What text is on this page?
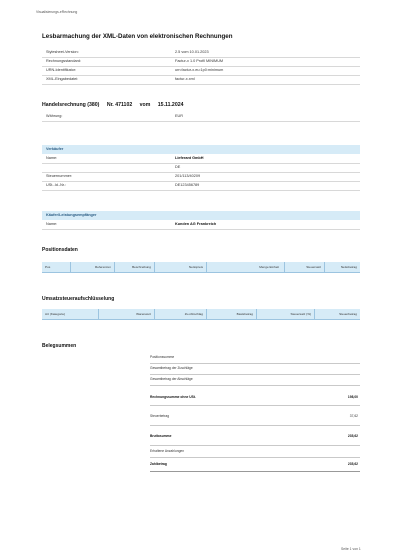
Visualisierungs-eRechnung
Lesbarmachung der XML-Daten von elektronischen Rechnungen
Stylesheet-Version:	2.5 vom 10.01.2023
Rechnungsstandard:	Factur-x 1.0 Profil MINIMUM
URN-Identifikator:	urn:factur-x.eu:1p0:minimum
XML-Eingabedatei:	factur-x.xml
Handelsrechnung (380) Nr. 471102 vom 15.11.2024
Währung:	EUR
Verkäufer
Name:	Lieferant GmbH
DE
Steuernummer:	201/113/40209
USt.-Id.-Nr.:	DE123456789
Käufer/Leistungsempfänger
Name:	Kunden AG Frankreich
Positionsdaten
Pos	Referenzen	Beschreibung	Nettopreis	Menge Einheit	Steuersatz	Nettobetrag
Umsatzsteueraufschlüsselung
Art (Kategorie)	Warenwert	Zu-/Abschlag	Basisbetrag	Steuersatz (%)	Steuerbetrag
Belegsummen
Positionssumme
Gesamtbetrag der Zuschläge
Gesamtbetrag der Abschläge
Rechnungssumme ohne USt.	198,00
Steuerbetrag	37,62
Bruttosumme	235,62
Erhaltene Anzahlungen
Zahlbetrag	235,62
Seite 1 von 1
